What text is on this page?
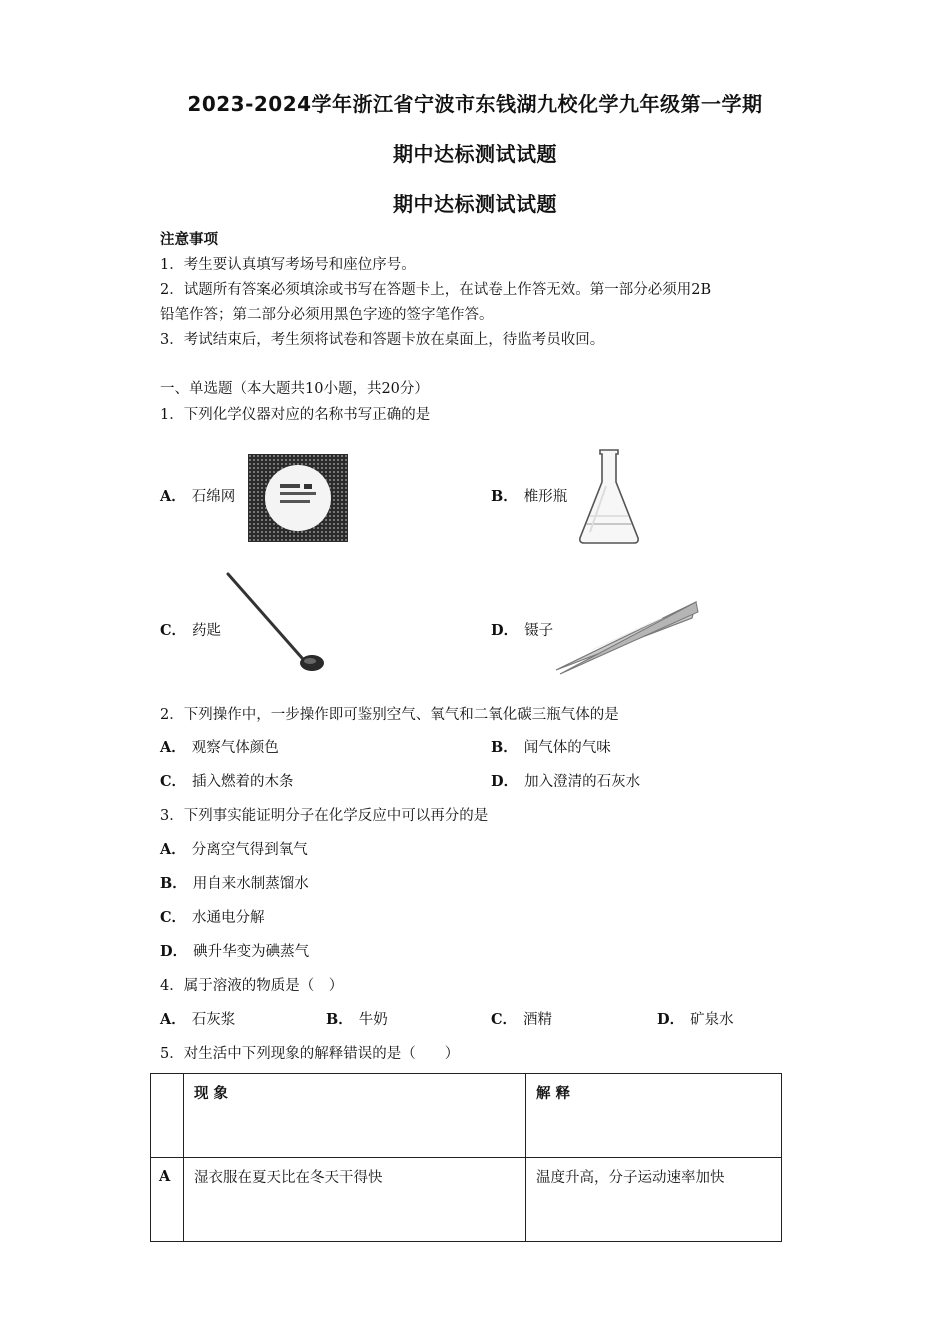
2023-2024学年浙江省宁波市东钱湖九校化学九年级第一学期
期中达标测试试题
期中达标测试试题
注意事项
1．考生要认真填写考场号和座位序号。
2．试题所有答案必须填涂或书写在答题卡上，在试卷上作答无效。第一部分必须用2B
铅笔作答；第二部分必须用黑色字迹的签字笔作答。
3．考试结束后，考生须将试卷和答题卡放在桌面上，待监考员收回。
一、单选题（本大题共10小题，共20分）
1．下列化学仪器对应的名称书写正确的是
A． 石绵网	B． 椎形瓶
C． 药匙	D． 镊子
2．下列操作中，一步操作即可鉴别空气、氧气和二氧化碳三瓶气体的是
A． 观察气体颜色	B． 闻气体的气味
C． 插入燃着的木条	D． 加入澄清的石灰水
3．下列事实能证明分子在化学反应中可以再分的是
A． 分离空气得到氧气
B． 用自来水制蒸馏水
C． 水通电分解
D． 碘升华变为碘蒸气
4．属于溶液的物质是（　）
A． 石灰浆	B． 牛奶	C． 酒精	D． 矿泉水
5．对生活中下列现象的解释错误的是（　　）
	现 象	解 释
A	湿衣服在夏天比在冬天干得快	温度升高，分子运动速率加快
